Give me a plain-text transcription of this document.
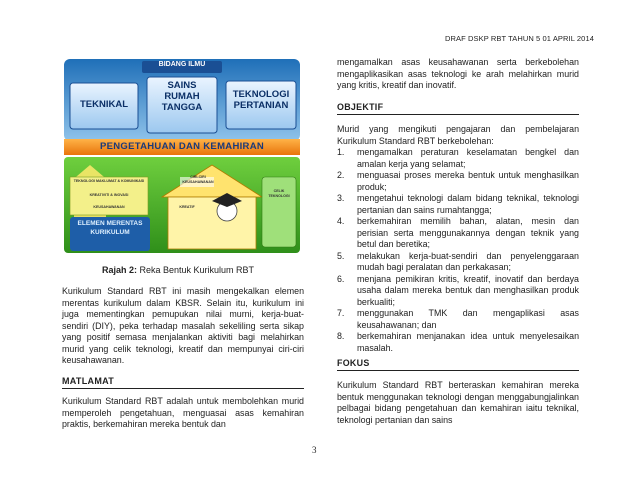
DRAF DSKP RBT TAHUN 5 01 APRIL 2014
BIDANG ILMU
TEKNIKAL
SAINS RUMAH TANGGA
TEKNOLOGI PERTANIAN
PENGETAHUAN DAN KEMAHIRAN
TEKNOLOGI MAKLUMAT & KOMUNIKASI
KREATIVITI & INOVASI
KEUSAHAWANAN
CIRI-CIRI KEUSAHAWANAN
KREATIF
CELIK TEKNOLOGI
ELEMEN MERENTAS KURIKULUM
Rajah 2: Reka Bentuk Kurikulum RBT
Kurikulum Standard RBT ini masih mengekalkan elemen merentas kurikulum dalam KBSR. Selain itu, kurikulum ini juga mementingkan pemupukan nilai murni, kerja-buat-sendiri (DIY), peka terhadap masalah sekeliling serta sikap yang positif semasa menjalankan aktiviti bagi melahirkan murid yang celik teknologi, kreatif dan mempunyai ciri-ciri keusahawanan.
MATLAMAT
Kurikulum Standard RBT adalah untuk membolehkan murid memperoleh pengetahuan, menguasai asas kemahiran praktis, berkemahiran mereka bentuk dan
mengamalkan asas keusahawanan serta berkebolehan mengaplikasikan asas teknologi ke arah melahirkan murid yang kritis, kreatif dan inovatif.
OBJEKTIF
Murid yang mengikuti pengajaran dan pembelajaran Kurikulum Standard RBT berkebolehan:
1. mengamalkan peraturan keselamatan bengkel dan amalan kerja yang selamat;
2. menguasai proses mereka bentuk untuk menghasilkan produk;
3. mengetahui teknologi dalam bidang teknikal, teknologi pertanian dan sains rumahtangga;
4. berkemahiran memilih bahan, alatan, mesin dan perisian serta menggunakannya dengan teknik yang betul dan beretika;
5. melakukan kerja-buat-sendiri dan penyelenggaraan mudah bagi peralatan dan perkakasan;
6. menjana pemikiran kritis, kreatif, inovatif dan berdaya usaha dalam mereka bentuk dan menghasilkan produk berkualiti;
7. menggunakan TMK dan mengaplikasi asas keusahawanan; dan
8. berkemahiran menjanakan idea untuk menyelesaikan masalah.
FOKUS
Kurikulum Standard RBT berteraskan kemahiran mereka bentuk menggunakan teknologi dengan menggabungjalinkan pelbagai bidang pengetahuan dan kemahiran iaitu teknikal, teknologi pertanian dan sains
3
